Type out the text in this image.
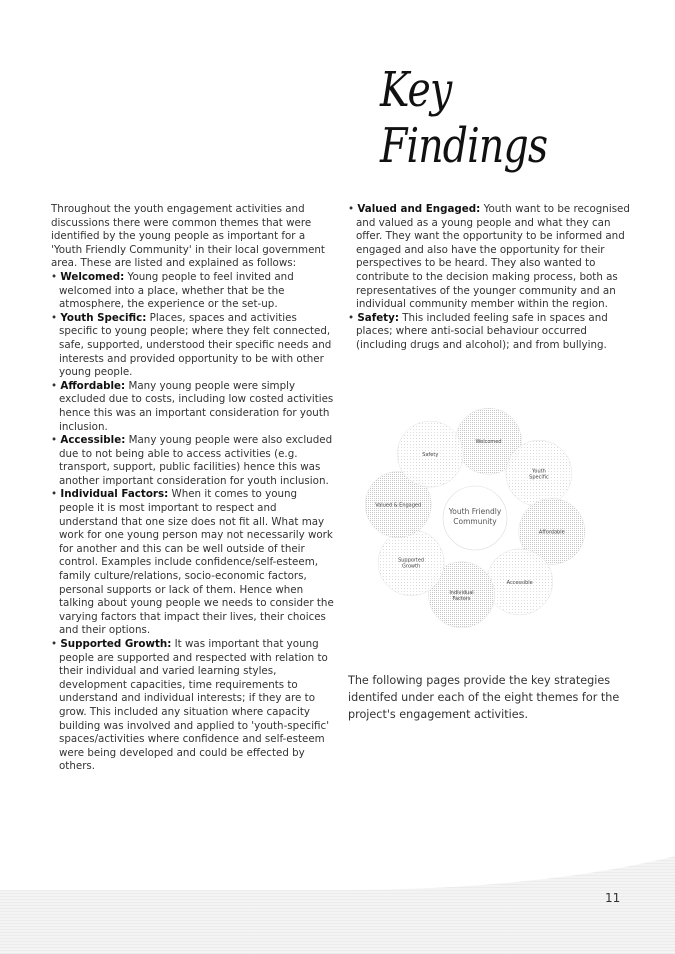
Key Findings

Throughout the youth engagement activities and discussions there were common themes that were identified by the young people as important for a 'Youth Friendly Community' in their local government area. These are listed and explained as follows:

• Welcomed: Young people to feel invited and welcomed into a place, whether that be the atmosphere, the experience or the set-up.

• Youth Specific: Places, spaces and activities specific to young people; where they felt connected, safe, supported, understood their specific needs and interests and provided opportunity to be with other young people.

• Affordable: Many young people were simply excluded due to costs, including low costed activities hence this was an important consideration for youth inclusion.

• Accessible: Many young people were also excluded due to not being able to access activities (e.g. transport, support, public facilities) hence this was another important consideration for youth inclusion.

• Individual Factors: When it comes to young people it is most important to respect and understand that one size does not fit all. What may work for one young person may not necessarily work for another and this can be well outside of their control. Examples include confidence/self-esteem, family culture/relations, socio-economic factors, personal supports or lack of them. Hence when talking about young people we needs to consider the varying factors that impact their lives, their choices and their options.

• Supported Growth: It was important that young people are supported and respected with relation to their individual and varied learning styles, development capacities, time requirements to understand and individual interests; if they are to grow. This included any situation where capacity building was involved and applied to 'youth-specific' spaces/activities where confidence and self-esteem were being developed and could be effected by others.

• Valued and Engaged: Youth want to be recognised and valued as a young people and what they can offer. They want the opportunity to be informed and engaged and also have the opportunity for their perspectives to be heard. They also wanted to contribute to the decision making process, both as representatives of the younger community and an individual community member within the region.

• Safety: This included feeling safe in spaces and places; where anti-social behaviour occurred (including drugs and alcohol); and from bullying.

Welcomed
Youth
Specific
Affordable
Accessible
Individual
Factors
Supported
Growth
Valued & Engaged
Safety
Youth Friendly
Community
The following pages provide the key strategies identifed under each of the eight themes for the project's engagement activities.
11
